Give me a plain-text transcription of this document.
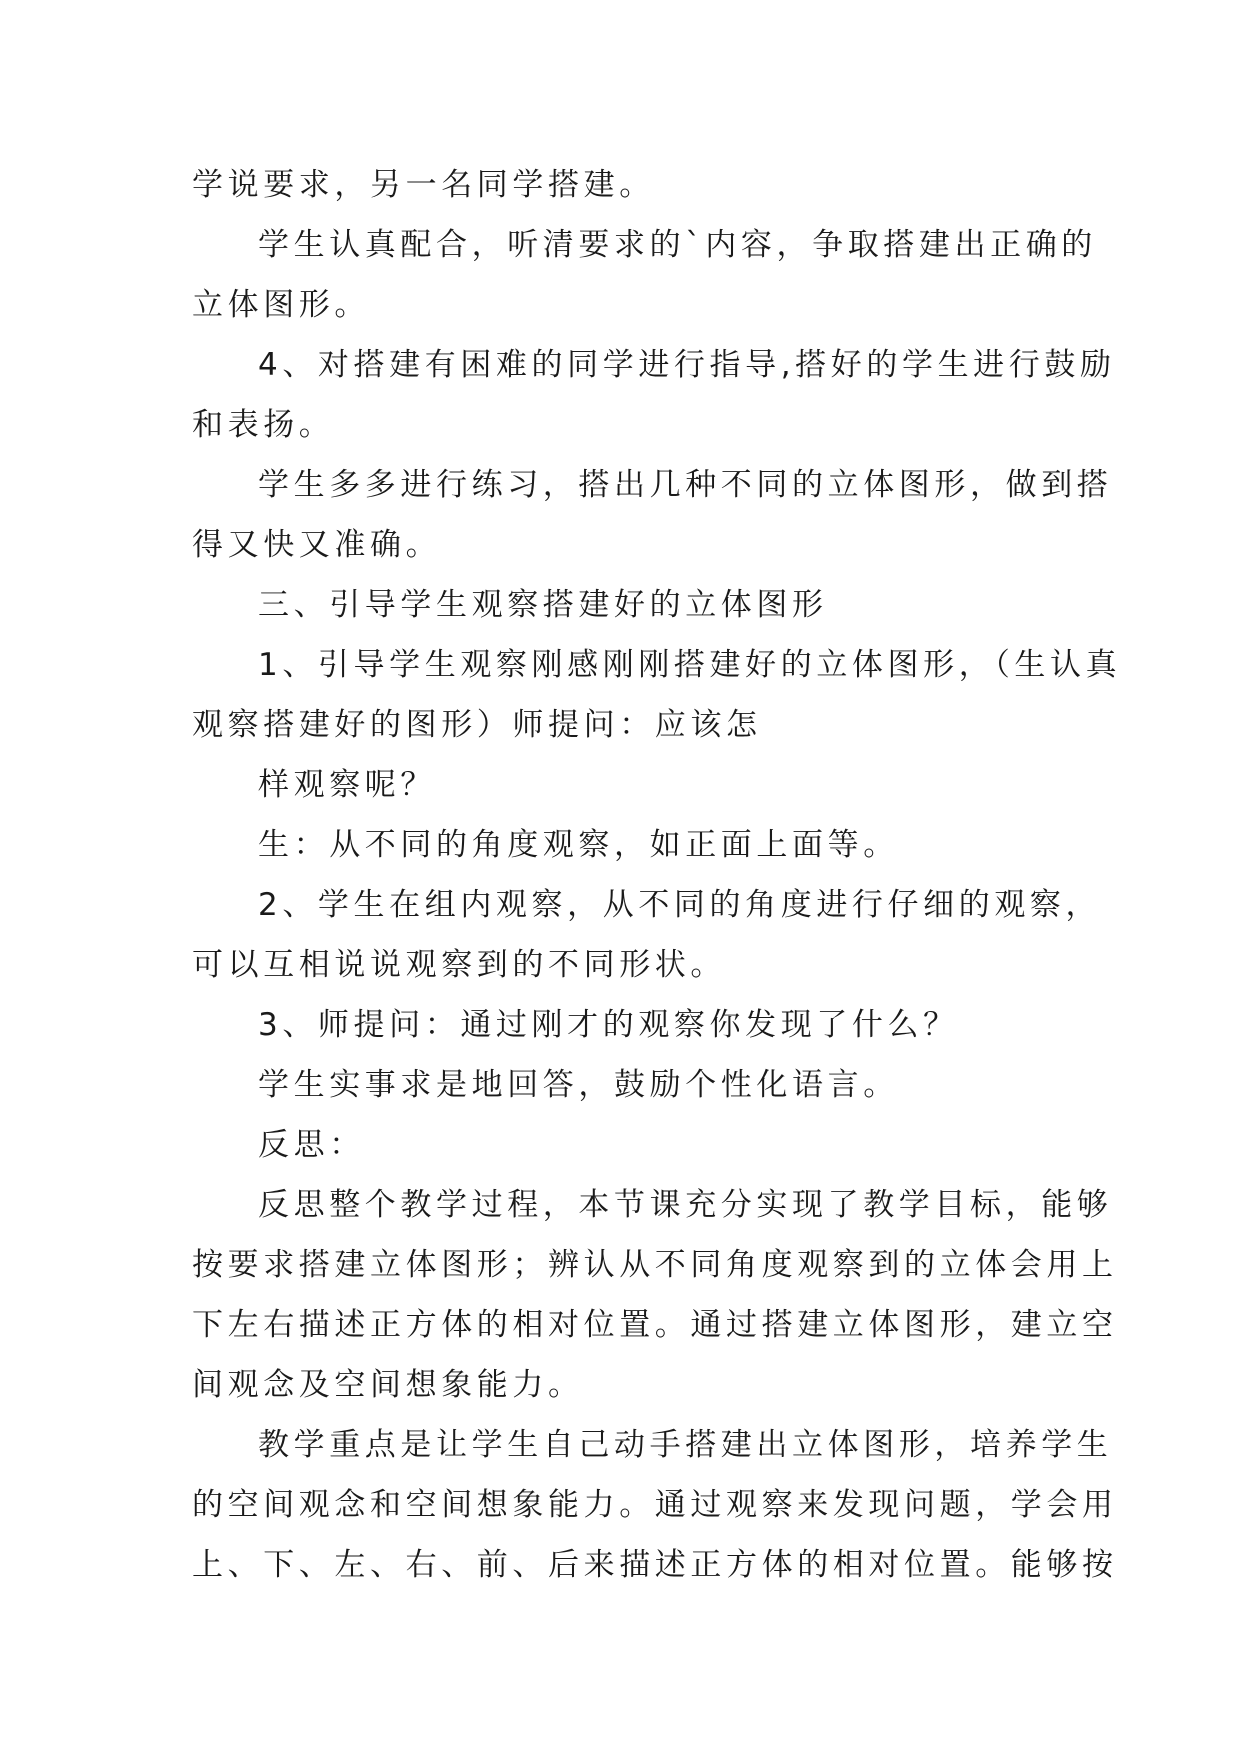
学说要求，另一名同学搭建。

学生认真配合，听清要求的`内容，争取搭建出正确的

立体图形。

4、对搭建有困难的同学进行指导,搭好的学生进行鼓励

和表扬。

学生多多进行练习，搭出几种不同的立体图形，做到搭

得又快又准确。

三、引导学生观察搭建好的立体图形

1、引导学生观察刚感刚刚搭建好的立体图形，（生认真

观察搭建好的图形）师提问：应该怎

样观察呢？

生：从不同的角度观察，如正面上面等。

2、学生在组内观察，从不同的角度进行仔细的观察，

可以互相说说观察到的不同形状。

3、师提问：通过刚才的观察你发现了什么？

学生实事求是地回答，鼓励个性化语言。

反思：

反思整个教学过程，本节课充分实现了教学目标，能够

按要求搭建立体图形；辨认从不同角度观察到的立体会用上

下左右描述正方体的相对位置。通过搭建立体图形，建立空

间观念及空间想象能力。

教学重点是让学生自己动手搭建出立体图形，培养学生

的空间观念和空间想象能力。通过观察来发现问题，学会用

上、下、左、右、前、后来描述正方体的相对位置。能够按
